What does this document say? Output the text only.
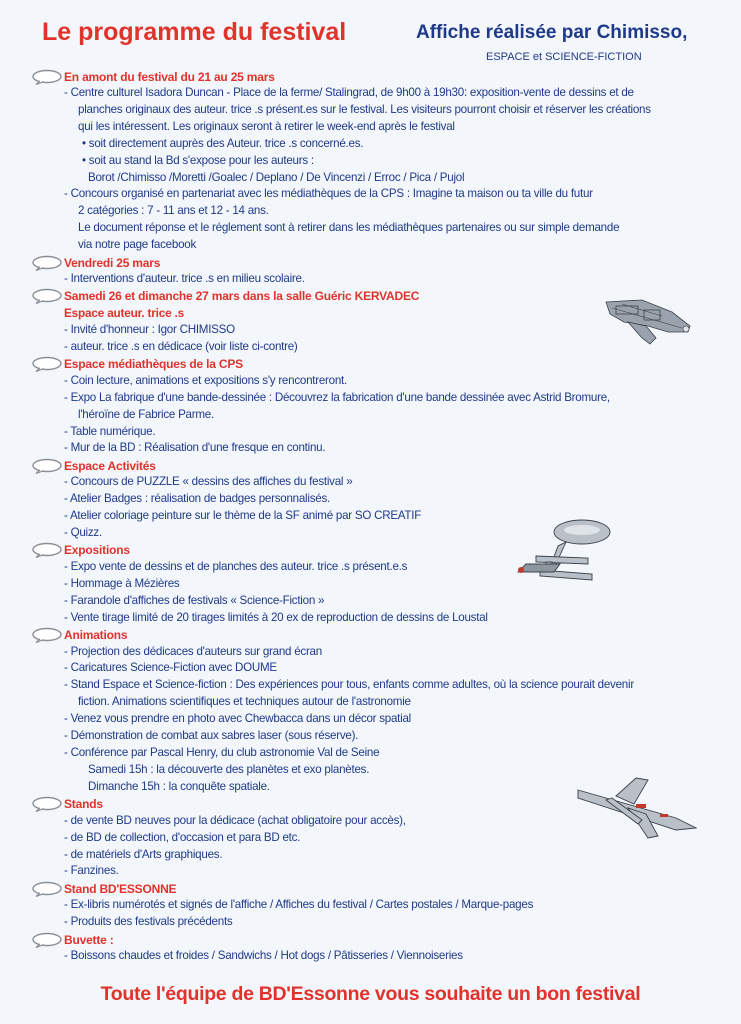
Le programme du festival	Affiche réalisée par Chimisso,
ESPACE et SCIENCE-FICTION
En amont du festival du 21 au 25 mars
- Centre culturel Isadora Duncan - Place de la ferme/ Stalingrad, de 9h00 à 19h30: exposition-vente de dessins et de
planches originaux des auteur. trice .s présent.es sur le festival. Les visiteurs pourront choisir et réserver les créations
qui les intéressent. Les originaux seront à retirer le week-end après le festival
• soit directement auprès des Auteur. trice .s concerné.es.
• soit au stand la Bd s'expose pour les auteurs :
Borot /Chimisso /Moretti /Goalec / Deplano / De Vincenzi / Erroc / Pica / Pujol
- Concours organisé en partenariat avec les médiathèques de la CPS : Imagine ta maison ou ta ville du futur
2 catégories : 7 - 11 ans et 12 - 14 ans.
Le document réponse et le réglement sont à retirer dans les médiathèques partenaires ou sur simple demande
via notre page facebook
Vendredi 25 mars
- Interventions d'auteur. trice .s en milieu scolaire.
Samedi 26 et dimanche 27 mars dans la salle Guéric KERVADEC
Espace auteur. trice .s
- Invité d'honneur : Igor CHIMISSO
- auteur. trice .s en dédicace (voir liste ci-contre)
Espace médiathèques de la CPS
- Coin lecture, animations et expositions s'y rencontreront.
- Expo La fabrique d'une bande-dessinée : Découvrez la fabrication d'une bande dessinée avec Astrid Bromure,
l'héroïne de Fabrice Parme.
- Table numérique.
- Mur de la BD : Réalisation d'une fresque en continu.
Espace Activités
- Concours de PUZZLE « dessins des affiches du festival »
- Atelier Badges : réalisation de badges personnalisés.
- Atelier coloriage peinture sur le thème de la SF animé par SO CREATIF
- Quizz.
Expositions
- Expo vente de dessins et de planches des auteur. trice .s présent.e.s
- Hommage à Mézières
- Farandole d'affiches de festivals « Science-Fiction »
- Vente tirage limité de 20 tirages limités à 20 ex de reproduction de dessins de Loustal
Animations
- Projection des dédicaces d'auteurs sur grand écran
- Caricatures Science-Fiction avec DOUME
- Stand Espace et Science-fiction : Des expériences pour tous, enfants comme adultes, où la science pourait devenir
fiction. Animations scientifiques et techniques autour de l'astronomie
- Venez vous prendre en photo avec Chewbacca dans un décor spatial
- Démonstration de combat aux sabres laser (sous réserve).
- Conférence par Pascal Henry, du club astronomie Val de Seine
Samedi 15h : la découverte des planètes et exo planètes.
Dimanche 15h : la conquête spatiale.
Stands
- de vente BD neuves pour la dédicace (achat obligatoire pour accès),
- de BD de collection, d'occasion et para BD etc.
- de matériels d'Arts graphiques.
- Fanzines.
Stand BD'ESSONNE
- Ex-libris numérotés et signés de l'affiche / Affiches du festival / Cartes postales / Marque-pages
- Produits des festivals précédents
Buvette :
- Boissons chaudes et froides / Sandwichs / Hot dogs / Pâtisseries / Viennoiseries
Toute l'équipe de BD'Essonne vous souhaite un bon festival
